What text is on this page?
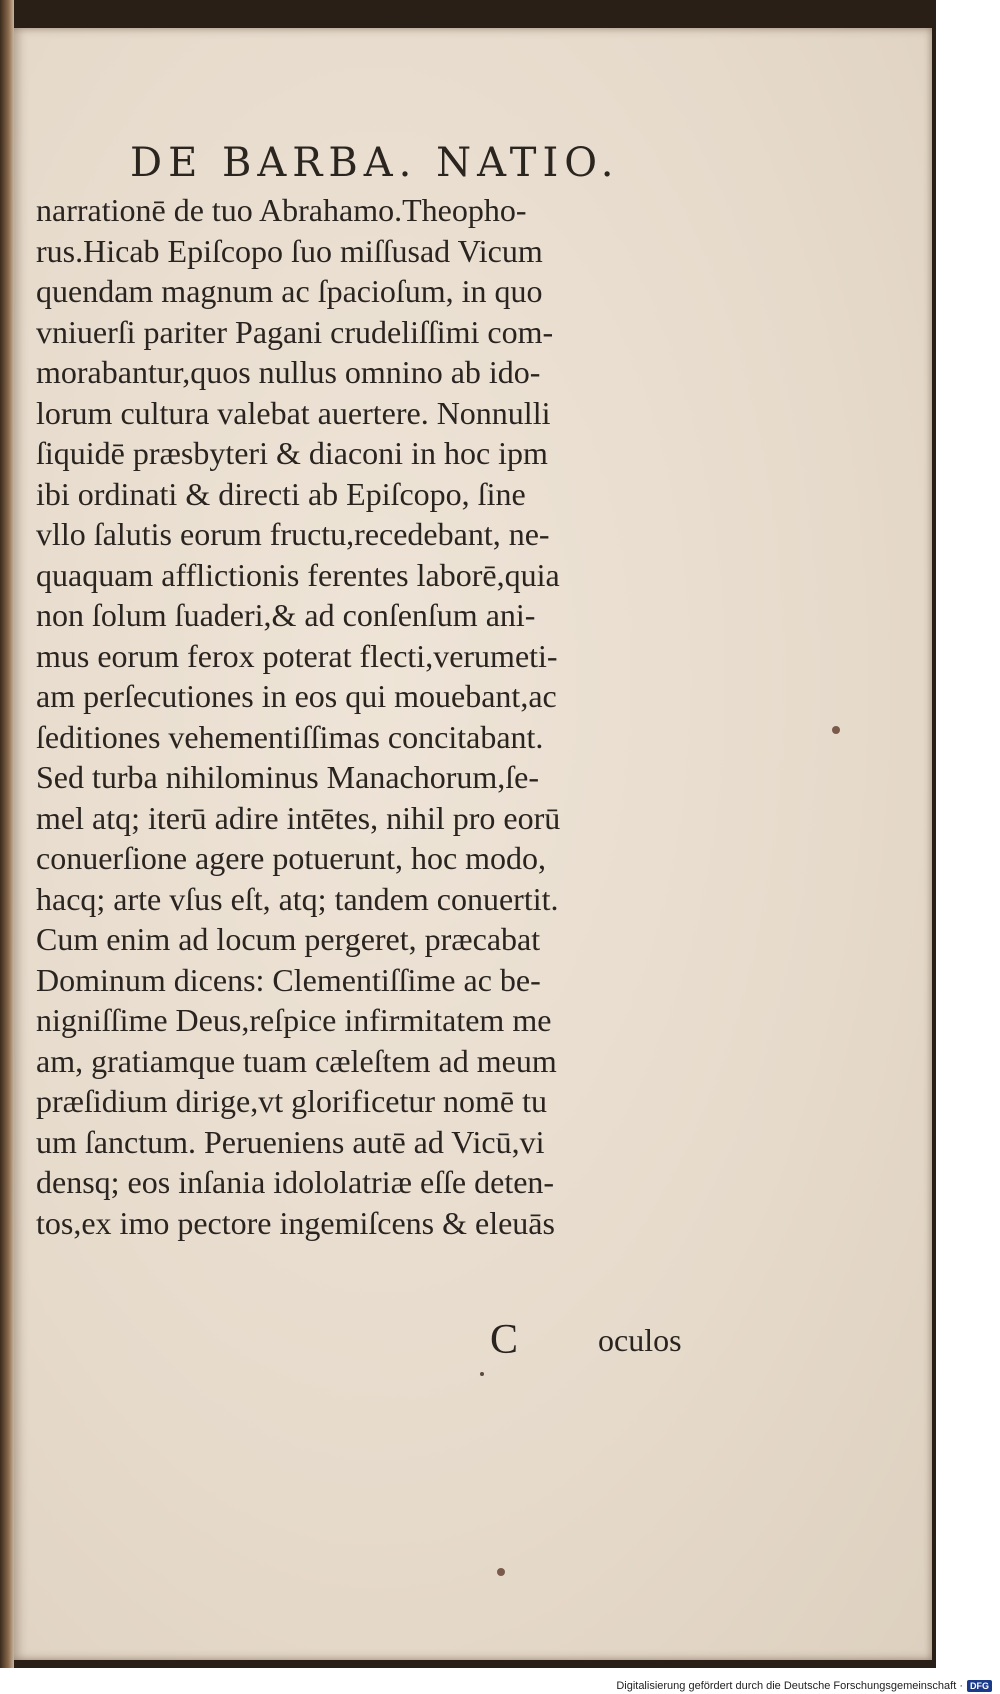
DE BARBA. NATIO.
narrationē de tuo Abrahamo.Theopho-
rus.Hicab Epiſcopo ſuo miſſusad Vicum
quendam magnum ac ſpacioſum, in quo
vniuerſi pariter Pagani crudeliſſimi com-
morabantur,quos nullus omnino ab ido-
lorum cultura valebat auertere. Nonnulli
ſiquidē præsbyteri & diaconi in hoc ipm
ibi ordinati & directi ab Epiſcopo, ſine
vllo ſalutis eorum fructu,recedebant, ne-
quaquam afflictionis ferentes laborē,quia
non ſolum ſuaderi,& ad conſenſum ani-
mus eorum ferox poterat flecti,verumeti-
am perſecutiones in eos qui mouebant,ac
ſeditiones vehementiſſimas concitabant.
Sed turba nihilominus Manachorum,ſe-
mel atq; iterū adire intētes, nihil pro eorū
conuerſione agere potuerunt, hoc modo,
hacq; arte vſus eſt, atq; tandem conuertit.
Cum enim ad locum pergeret, præcabat
Dominum dicens: Clementiſſime ac be-
nigniſſime Deus,reſpice infirmitatem me
am, gratiamque tuam cæleſtem ad meum
præſidium dirige,vt glorificetur nomē tu
um ſanctum. Perueniens autē ad Vicū,vi
densq; eos inſania idololatriæ eſſe deten-
tos,ex imo pectore ingemiſcens & eleuās
C oculos
Digitalisierung gefördert durch die Deutsche Forschungsgemeinschaft · DFG
